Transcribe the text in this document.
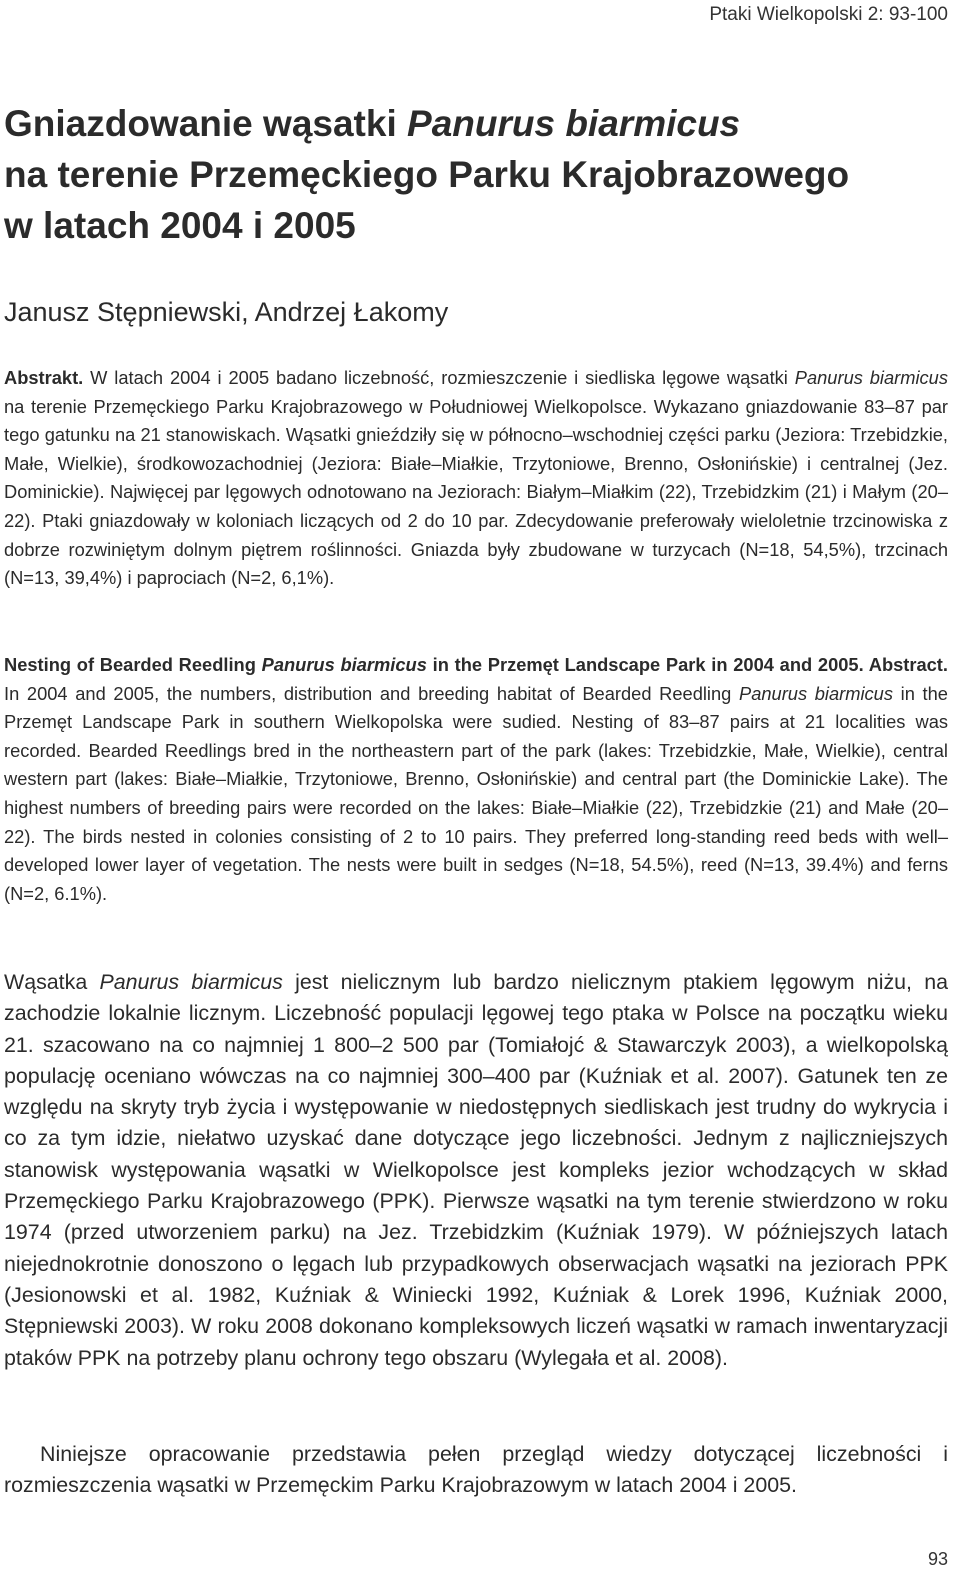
Ptaki Wielkopolski 2: 93-100
Gniazdowanie wąsatki Panurus biarmicus
na terenie Przemęckiego Parku Krajobrazowego
w latach 2004 i 2005
Janusz Stępniewski, Andrzej Łakomy

Abstrakt. W latach 2004 i 2005 badano liczebność, rozmieszczenie i siedliska lęgowe wąsatki Panurus biarmicus na terenie Przemęckiego Parku Krajobrazowego w Południowej Wielkopolsce. Wykazano gniazdowanie 83–87 par tego gatunku na 21 stanowiskach. Wąsatki gnieździły się w północno–wschodniej części parku (Jeziora: Trzebidzkie, Małe, Wielkie), środkowozachodniej (Jeziora: Białe–Miałkie, Trzytoniowe, Brenno, Osłonińskie) i centralnej (Jez. Dominickie). Najwięcej par lęgowych odnotowano na Jeziorach: Białym–Miałkim (22), Trzebidzkim (21) i Małym (20–22). Ptaki gniazdowały w koloniach liczących od 2 do 10 par. Zdecydowanie preferowały wieloletnie trzcinowiska z dobrze rozwiniętym dolnym piętrem roślinności. Gniazda były zbudowane w turzycach (N=18, 54,5%), trzcinach (N=13, 39,4%) i paprociach (N=2, 6,1%).

Nesting of Bearded Reedling Panurus biarmicus in the Przemęt Landscape Park in 2004 and 2005. Abstract. In 2004 and 2005, the numbers, distribution and breeding habitat of Bearded Reedling Panurus biarmicus in the Przemęt Landscape Park in southern Wielkopolska were sudied. Nesting of 83–87 pairs at 21 localities was recorded. Bearded Reedlings bred in the northeastern part of the park (lakes: Trzebidzkie, Małe, Wielkie), central western part (lakes: Białe–Miałkie, Trzytoniowe, Brenno, Osłonińskie) and central part (the Dominickie Lake). The highest numbers of breeding pairs were recorded on the lakes: Białe–Miałkie (22), Trzebidzkie (21) and Małe (20–22). The birds nested in colonies consisting of 2 to 10 pairs. They preferred long-standing reed beds with well–developed lower layer of vegetation. The nests were built in sedges (N=18, 54.5%), reed (N=13, 39.4%) and ferns (N=2, 6.1%).

Wąsatka Panurus biarmicus jest nielicznym lub bardzo nielicznym ptakiem lęgowym niżu, na zachodzie lokalnie licznym. Liczebność populacji lęgowej tego ptaka w Polsce na początku wieku 21. szacowano na co najmniej 1 800–2 500 par (Tomiałojć & Stawarczyk 2003), a wielkopolską populację oceniano wówczas na co najmniej 300–400 par (Kuźniak et al. 2007). Gatunek ten ze względu na skryty tryb życia i występowanie w niedostępnych siedliskach jest trudny do wykrycia i co za tym idzie, niełatwo uzyskać dane dotyczące jego liczebności. Jednym z najliczniejszych stanowisk występowania wąsatki w Wielkopolsce jest kompleks jezior wchodzących w skład Przemęckiego Parku Krajobrazowego (PPK). Pierwsze wąsatki na tym terenie stwierdzono w roku 1974 (przed utworzeniem parku) na Jez. Trzebidzkim (Kuźniak 1979). W późniejszych latach niejednokrotnie donoszono o lęgach lub przypadkowych obserwacjach wąsatki na jeziorach PPK (Jesionowski et al. 1982, Kuźniak & Winiecki 1992, Kuźniak & Lorek 1996, Kuźniak 2000, Stępniewski 2003). W roku 2008 dokonano kompleksowych liczeń wąsatki w ramach inwentaryzacji ptaków PPK na potrzeby planu ochrony tego obszaru (Wylegała et al. 2008).

Niniejsze opracowanie przedstawia pełen przegląd wiedzy dotyczącej liczebności i rozmieszczenia wąsatki w Przemęckim Parku Krajobrazowym w latach 2004 i 2005.

93
